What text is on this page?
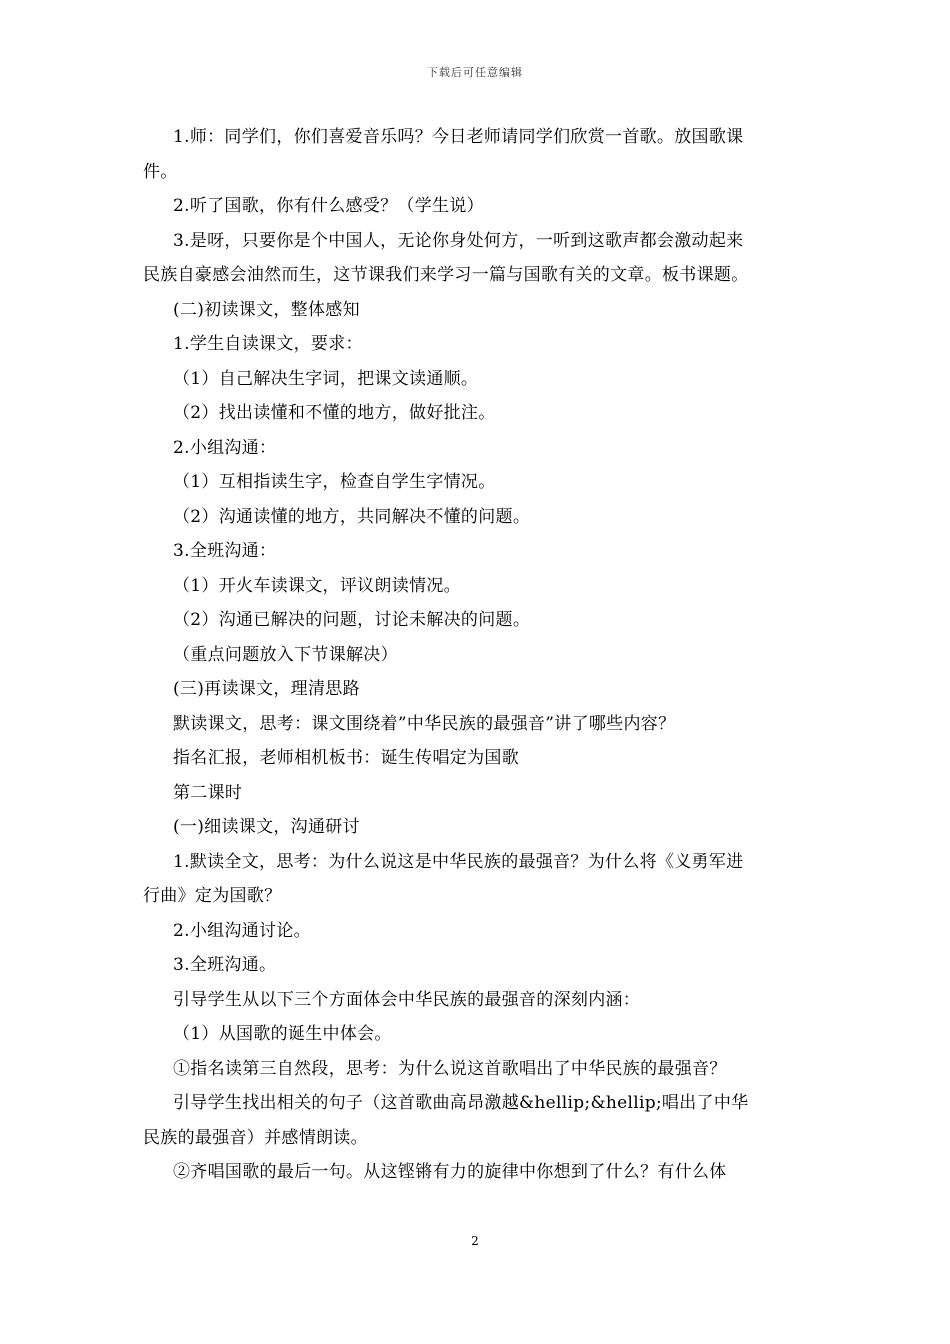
下载后可任意编辑
1.师：同学们，你们喜爱音乐吗？今日老师请同学们欣赏一首歌。放国歌课
件。
2.听了国歌，你有什么感受？（学生说）
3.是呀，只要你是个中国人，无论你身处何方，一听到这歌声都会激动起来
民族自豪感会油然而生，这节课我们来学习一篇与国歌有关的文章。板书课题。
(二)初读课文，整体感知
1.学生自读课文，要求：
（1）自己解决生字词，把课文读通顺。
（2）找出读懂和不懂的地方，做好批注。
2.小组沟通：
（1）互相指读生字，检查自学生字情况。
（2）沟通读懂的地方，共同解决不懂的问题。
3.全班沟通：
（1）开火车读课文，评议朗读情况。
（2）沟通已解决的问题，讨论未解决的问题。
（重点问题放入下节课解决）
(三)再读课文，理清思路
默读课文，思考：课文围绕着”中华民族的最强音”讲了哪些内容？
指名汇报，老师相机板书：诞生传唱定为国歌
第二课时
(一)细读课文，沟通研讨
1.默读全文，思考：为什么说这是中华民族的最强音？为什么将《义勇军进
行曲》定为国歌？
2.小组沟通讨论。
3.全班沟通。
引导学生从以下三个方面体会中华民族的最强音的深刻内涵：
（1）从国歌的诞生中体会。
①指名读第三自然段，思考：为什么说这首歌唱出了中华民族的最强音？
引导学生找出相关的句子（这首歌曲高昂激越&hellip;&hellip;唱出了中华
民族的最强音）并感情朗读。
②齐唱国歌的最后一句。从这铿锵有力的旋律中你想到了什么？有什么体
2
